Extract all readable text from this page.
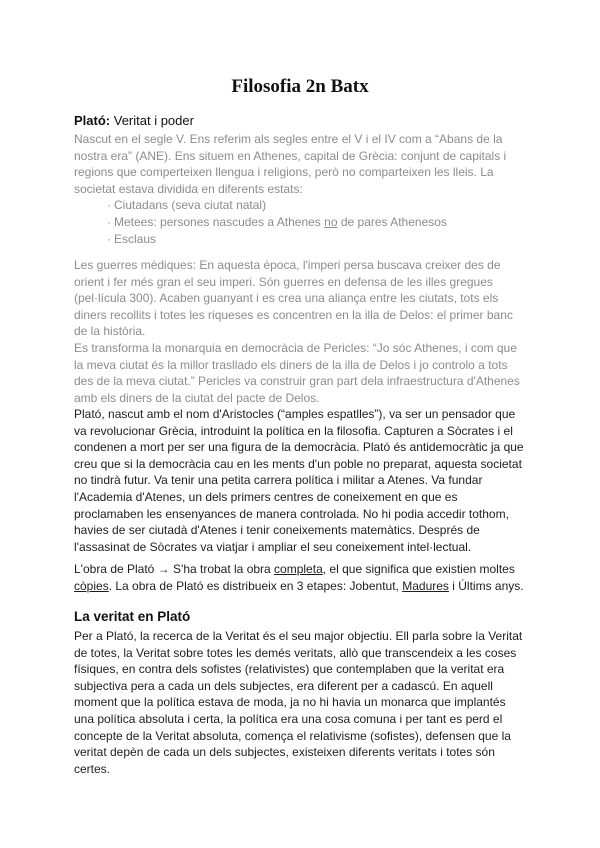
Filosofia 2n Batx
Plató: Veritat i poder
Nascut en el segle V. Ens referim als segles entre el V i el IV com a “Abans de la
nostra era” (ANE). Ens situem en Athenes, capital de Grècia: conjunt de capitals i
regions que comperteixen llengua i religions, però no comparteixen les lleis. La
societat estava dividida en diferents estats:
· Ciutadans (seva ciutat natal)
· Metees: persones nascudes a Athenes no de pares Athenesos
· Esclaus
Les guerres mèdiques: En aquesta època, l'imperi persa buscava creixer des de
orient i fer més gran el seu imperi. Són guerres en defensa de les illes gregues
(pel·lícula 300). Acaben guanyant i es crea una aliança entre les ciutats, tots els
diners recollits i totes les riqueses es concentren en la illa de Delos: el primer banc
de la història.
Es transforma la monarquia en democràcia de Pericles: “Jo sóc Athenes, i com que
la meva ciutat és la millor trasllado els diners de la illa de Delos i jo controlo a tots
des de la meva ciutat.” Pericles va construir gran part dela infraestructura d'Athenes
amb els diners de la ciutat del pacte de Delos.
Plató, nascut amb el nom d'Aristocles (“amples espatlles”), va ser un pensador que
va revolucionar Grècia, introduint la política en la filosofia. Capturen a Sòcrates i el
condenen a mort per ser una figura de la democràcia. Plató és antidemocràtic ja que
creu que si la democràcia cau en les ments d'un poble no preparat, aquesta societat
no tindrà futur. Va tenir una petita carrera política i militar a Atenes. Va fundar
l'Academia d'Atenes, un dels primers centres de coneixement en que es
proclamaben les ensenyances de manera controlada. No hi podia accedir tothom,
havies de ser ciutadà d'Atenes i tenir coneixements matemàtics. Després de
l'assasinat de Sòcrates va viatjar i ampliar el seu coneixement intel·lectual.
L'obra de Plató → S'ha trobat la obra completa, el que significa que existien moltes
còpies. La obra de Plató es distribueix en 3 etapes: Jobentut, Madures i Últims anys.
La veritat en Plató
Per a Plató, la recerca de la Veritat és el seu major objectiu. Ell parla sobre la Veritat
de totes, la Veritat sobre totes les demés veritats, allò que transcendeix a les coses
físiques, en contra dels sofistes (relativistes) que contemplaben que la veritat era
subjectiva pera a cada un dels subjectes, era diferent per a cadascú. En aquell
moment que la política estava de moda, ja no hi havia un monarca que implantés
una política absoluta i certa, la política era una cosa comuna i per tant es perd el
concepte de la Veritat absoluta, comença el relativisme (sofistes), defensen que la
veritat depèn de cada un dels subjectes, existeixen diferents veritats i totes són
certes.
